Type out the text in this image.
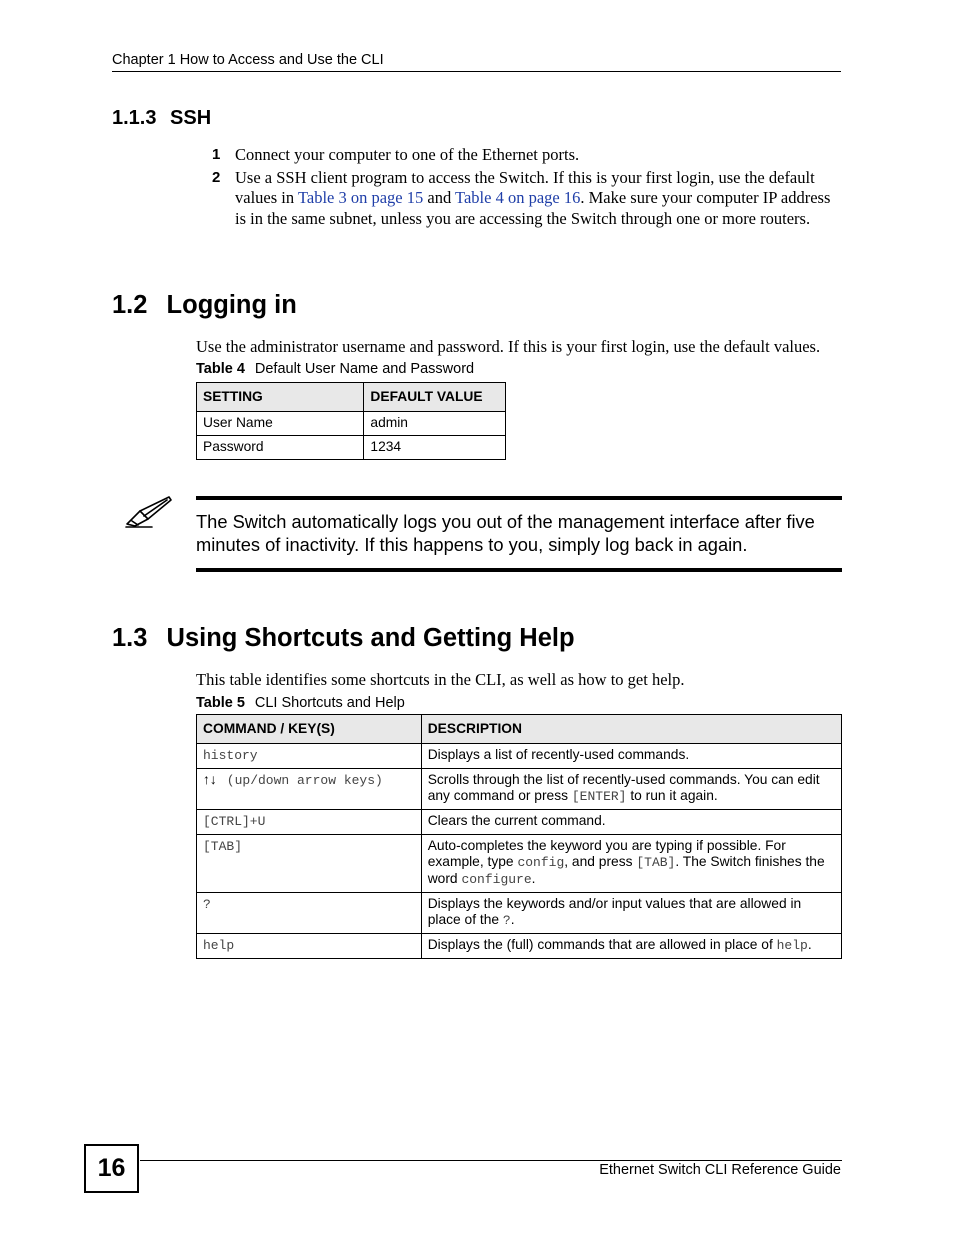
Chapter 1 How to Access and Use the CLI
1.1.3 SSH
1 Connect your computer to one of the Ethernet ports.
2 Use a SSH client program to access the Switch. If this is your first login, use the default values in Table 3 on page 15 and Table 4 on page 16. Make sure your computer IP address is in the same subnet, unless you are accessing the Switch through one or more routers.
1.2 Logging in
Use the administrator username and password. If this is your first login, use the default values.
Table 4 Default User Name and Password
SETTING	DEFAULT VALUE
User Name	admin
Password	1234
The Switch automatically logs you out of the management interface after five minutes of inactivity. If this happens to you, simply log back in again.
1.3 Using Shortcuts and Getting Help
This table identifies some shortcuts in the CLI, as well as how to get help.
Table 5 CLI Shortcuts and Help
COMMAND / KEY(S)	DESCRIPTION
history	Displays a list of recently-used commands.
↑↓ (up/down arrow keys)	Scrolls through the list of recently-used commands. You can edit any command or press [ENTER] to run it again.
[CTRL]+U	Clears the current command.
[TAB]	Auto-completes the keyword you are typing if possible. For example, type config, and press [TAB]. The Switch finishes the word configure.
?	Displays the keywords and/or input values that are allowed in place of the ?.
help	Displays the (full) commands that are allowed in place of help.
16	Ethernet Switch CLI Reference Guide
